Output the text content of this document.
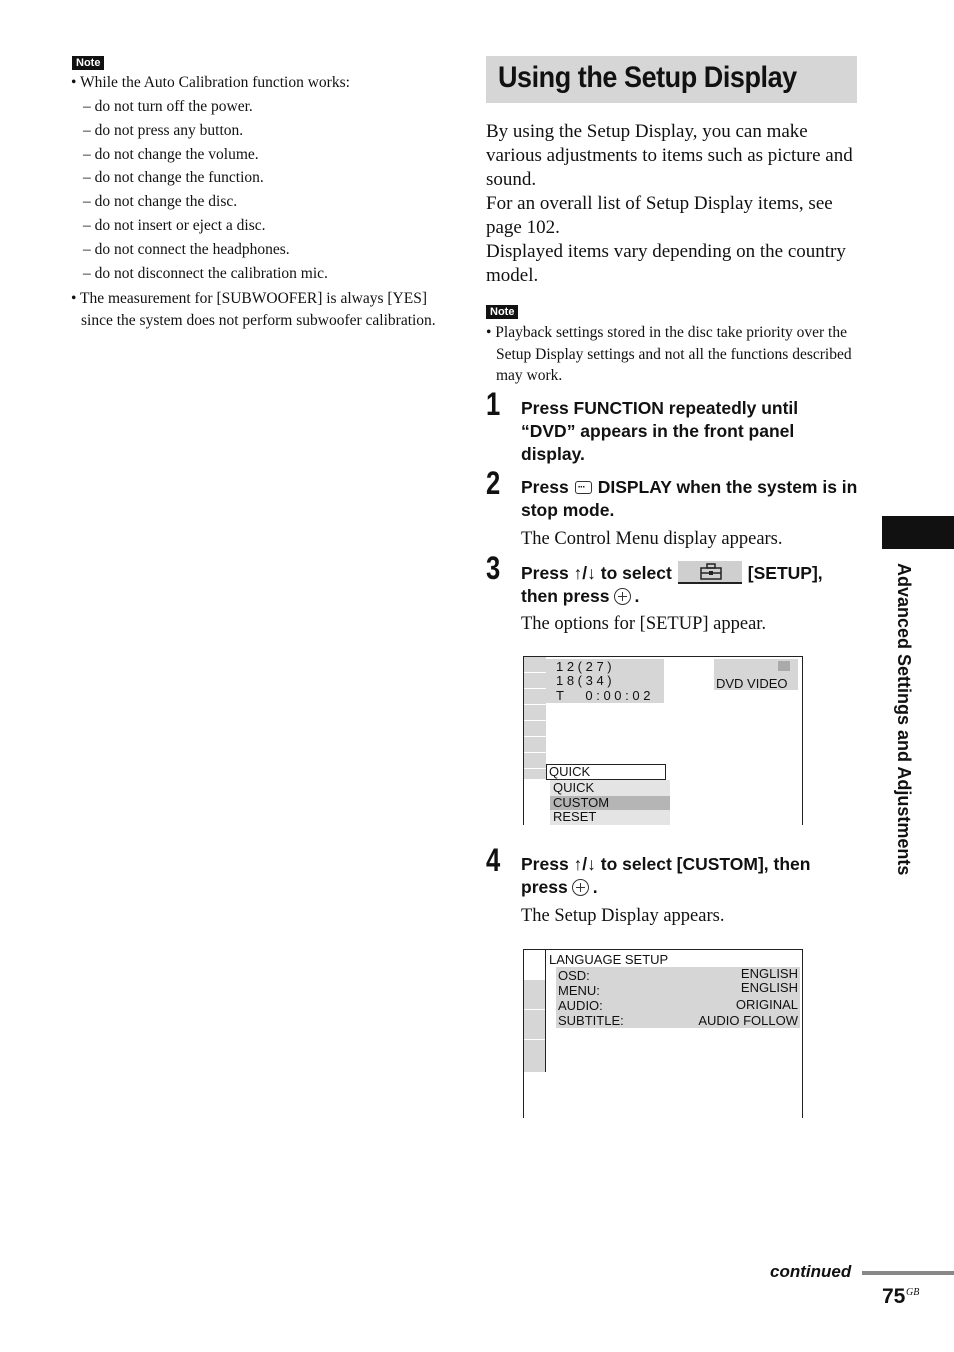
Note
• While the Auto Calibration function works:
– do not turn off the power.
– do not press any button.
– do not change the volume.
– do not change the function.
– do not change the disc.
– do not insert or eject a disc.
– do not connect the headphones.
– do not disconnect the calibration mic.
• The measurement for [SUBWOOFER] is always [YES] since the system does not perform subwoofer calibration.
Using the Setup Display
By using the Setup Display, you can make various adjustments to items such as picture and sound.
For an overall list of Setup Display items, see page 102.
Displayed items vary depending on the country model.
Note
• Playback settings stored in the disc take priority over the Setup Display settings and not all the functions described may work.
1 Press FUNCTION repeatedly until “DVD” appears in the front panel display.
2 Press··· DISPLAY when the system is in stop mode.
The Control Menu display appears.
3 Press ↑/↓ to select	[SETUP],
then press .
The options for [SETUP] appear.
1 2 ( 2 7 )
1 8 ( 3 4 )
T      0 : 0 0 : 0 2
DVD VIDEO
QUICK
QUICK
CUSTOM
RESET
4 Press ↑/↓ to select [CUSTOM], then
press .
The Setup Display appears.
LANGUAGE SETUP
OSD:	ENGLISH
MENU:	ENGLISH
AUDIO:	ORIGINAL
SUBTITLE:	AUDIO FOLLOW
Advanced Settings and Adjustments
continued
75 GB
